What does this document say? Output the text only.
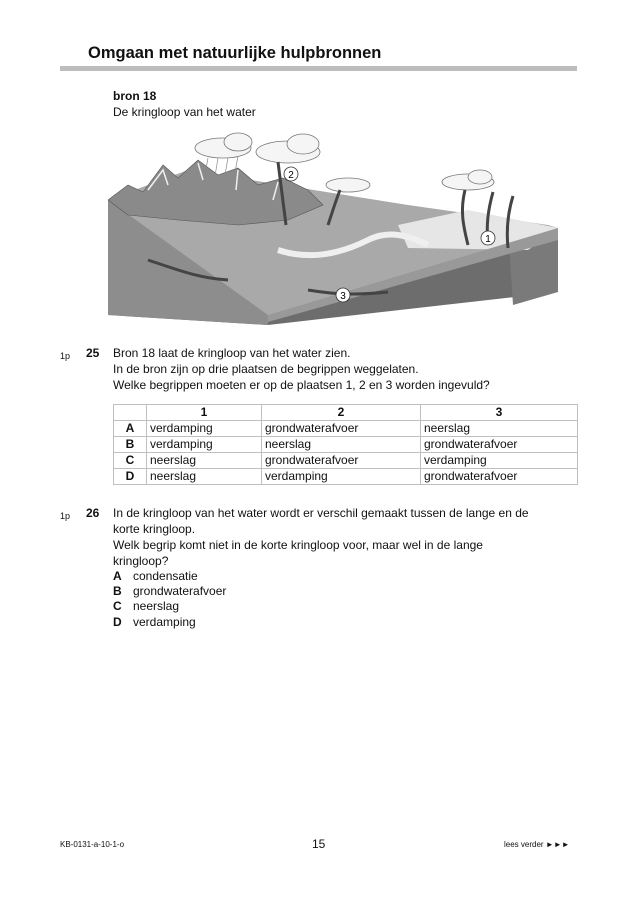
Omgaan met natuurlijke hulpbronnen
bron 18
De kringloop van het water
1
2
3
1p 25 Bron 18 laat de kringloop van het water zien.
In de bron zijn op drie plaatsen de begrippen weggelaten.
Welke begrippen moeten er op de plaatsen 1, 2 en 3 worden ingevuld?
	1	2	3
A	verdamping	grondwaterafvoer	neerslag
B	verdamping	neerslag	grondwaterafvoer
C	neerslag	grondwaterafvoer	verdamping
D	neerslag	verdamping	grondwaterafvoer
1p 26 In de kringloop van het water wordt er verschil gemaakt tussen de lange en de
korte kringloop.
Welk begrip komt niet in de korte kringloop voor, maar wel in de lange
kringloop?
A condensatie
B grondwaterafvoer
C neerslag
D verdamping
KB-0131-a-10-1-o	15	lees verder ►►►
